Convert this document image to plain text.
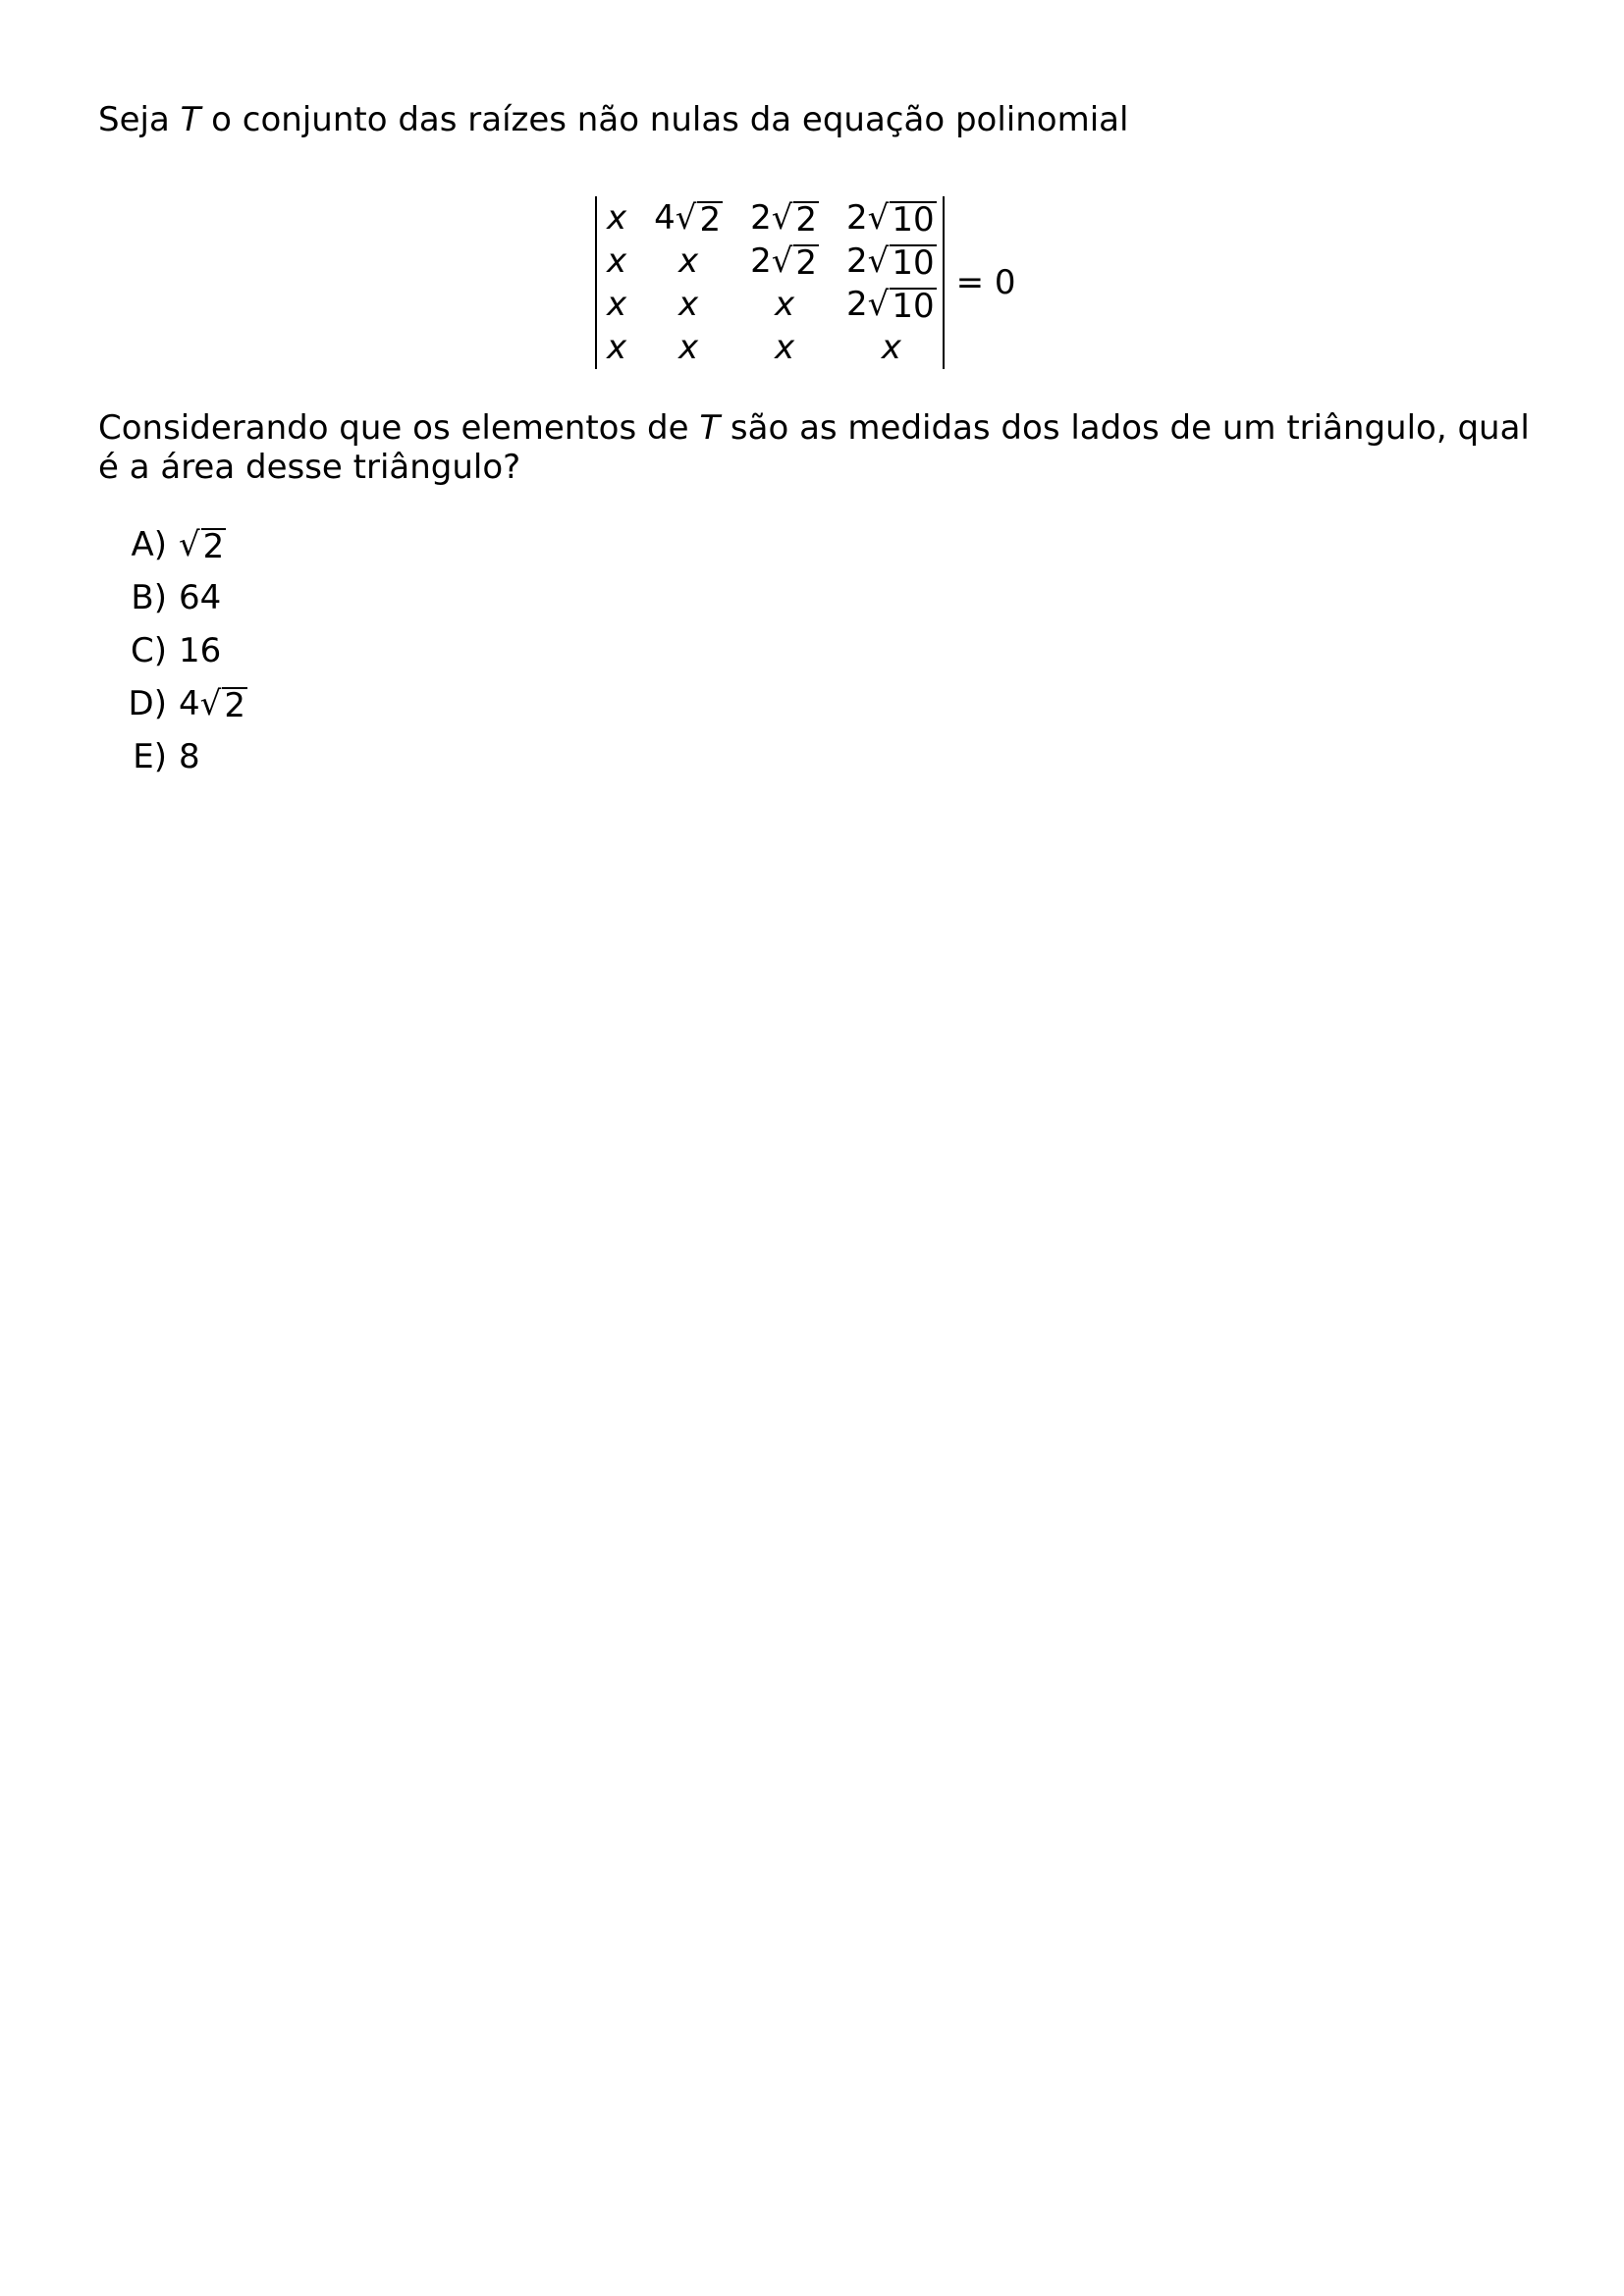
Seja T o conjunto das raízes não nulas da equação polinomial

x	4 √ 2	2 √ 2	2 √ 10

x	x	2 √ 2	2 √ 10

x	x	x	2 √ 10

x	x	x	x
= 0

Considerando que os elementos de T são as medidas dos lados de um triângulo, qual é a área desse triângulo?

A) √ 2
B) 64
C) 16
D) 4 √ 2
E) 8
